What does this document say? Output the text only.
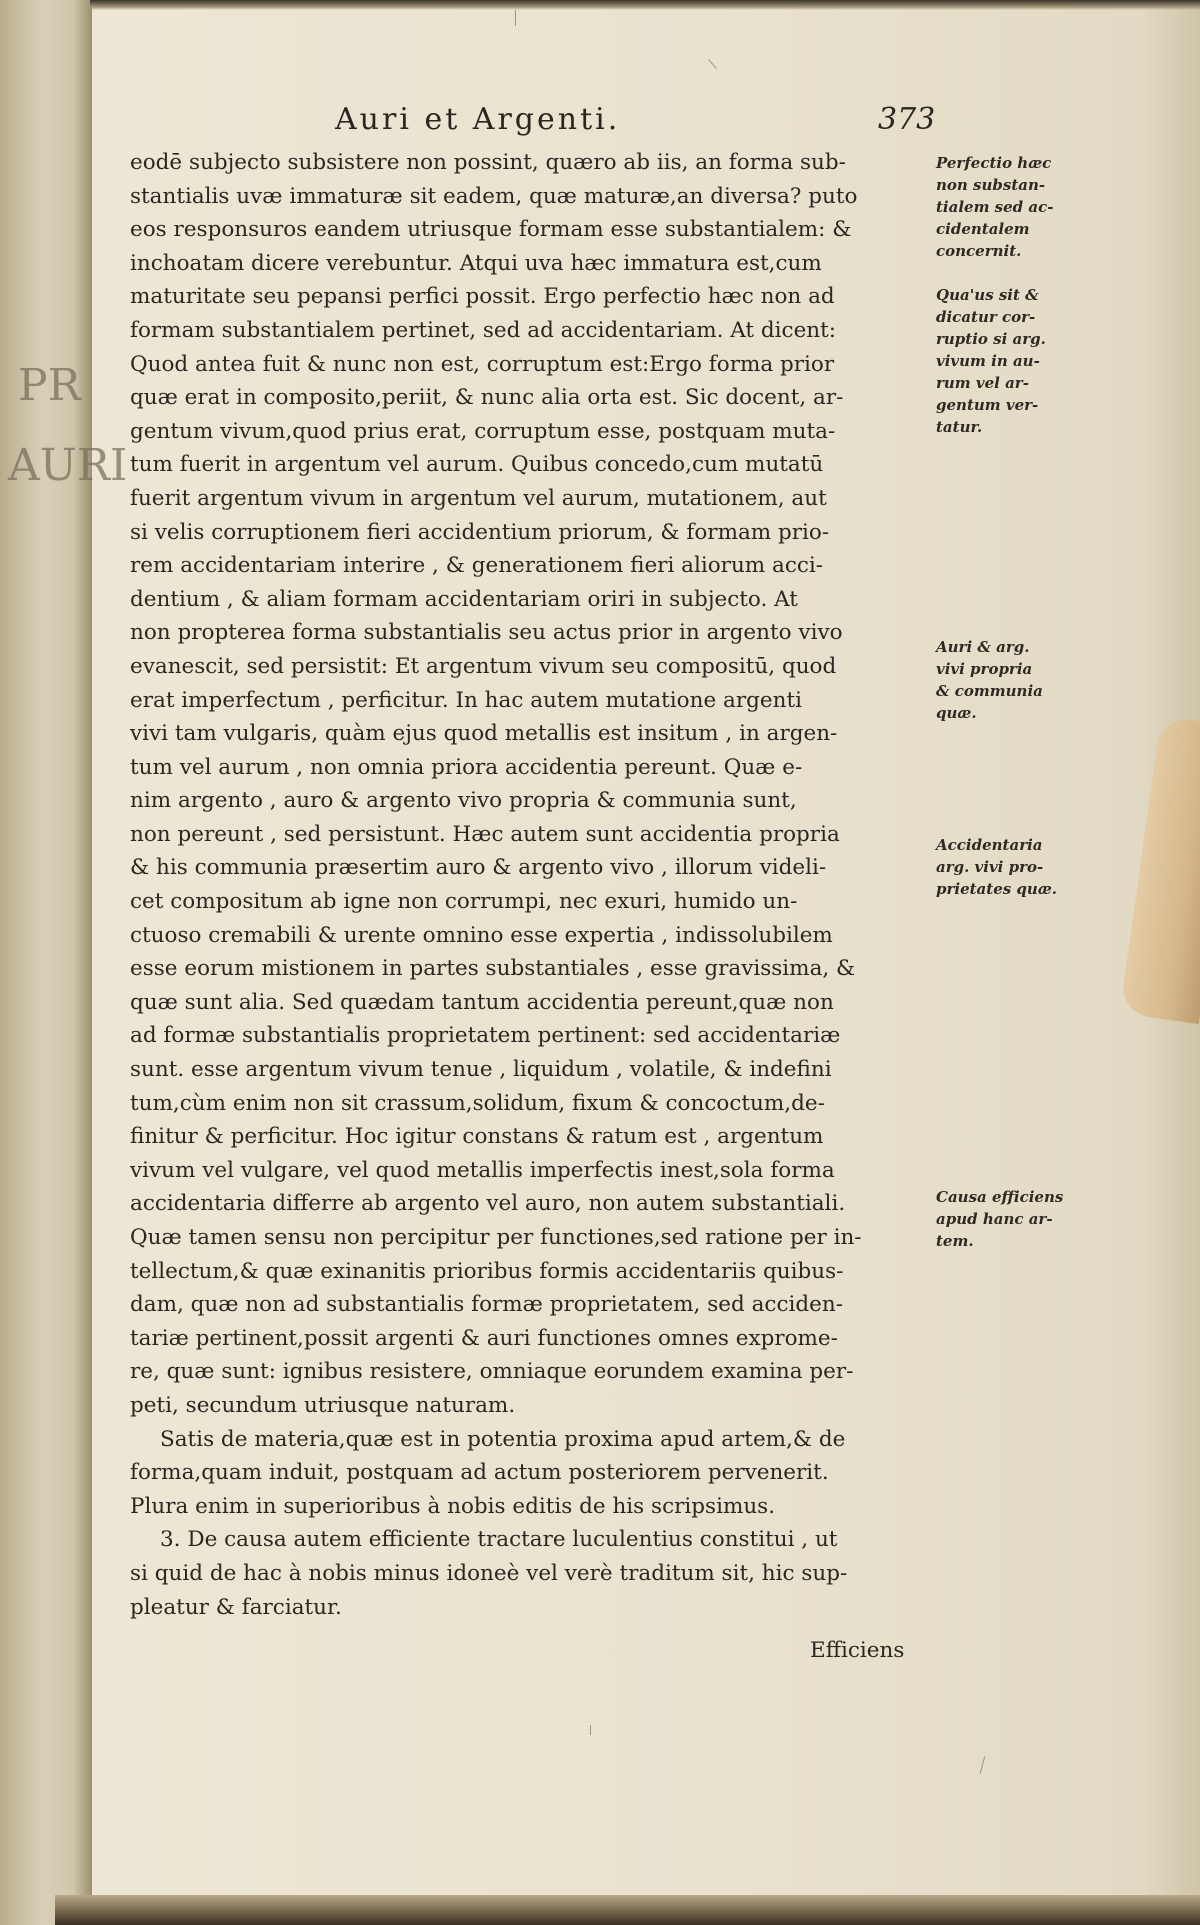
PR
AURI
Auri et Argenti.	373
eodē subjecto subsistere non possint, quæro ab iis, an forma sub-
stantialis uvæ immaturæ sit eadem, quæ maturæ,an diversa? puto
eos responsuros eandem utriusque formam esse substantialem: &
inchoatam dicere verebuntur. Atqui uva hæc immatura est,cum
maturitate seu pepansi perfici possit. Ergo perfectio hæc non ad
formam substantialem pertinet, sed ad accidentariam. At dicent:
Quod antea fuit & nunc non est, corruptum est:Ergo forma prior
quæ erat in composito,periit, & nunc alia orta est. Sic docent, ar-
gentum vivum,quod prius erat, corruptum esse, postquam muta-
tum fuerit in argentum vel aurum. Quibus concedo,cum mutatū
fuerit argentum vivum in argentum vel aurum, mutationem, aut
si velis corruptionem fieri accidentium priorum, & formam prio-
rem accidentariam interire , & generationem fieri aliorum acci-
dentium , & aliam formam accidentariam oriri in subjecto. At
non propterea forma substantialis seu actus prior in argento vivo
evanescit, sed persistit: Et argentum vivum seu compositū, quod
erat imperfectum , perficitur. In hac autem mutatione argenti
vivi tam vulgaris, quàm ejus quod metallis est insitum , in argen-
tum vel aurum , non omnia priora accidentia pereunt. Quæ e-
nim argento , auro & argento vivo propria & communia sunt,
non pereunt , sed persistunt. Hæc autem sunt accidentia propria
& his communia præsertim auro & argento vivo , illorum videli-
cet compositum ab igne non corrumpi, nec exuri, humido un-
ctuoso cremabili & urente omnino esse expertia , indissolubilem
esse eorum mistionem in partes substantiales , esse gravissima, &
quæ sunt alia. Sed quædam tantum accidentia pereunt,quæ non
ad formæ substantialis proprietatem pertinent: sed accidentariæ
sunt. esse argentum vivum tenue , liquidum , volatile, & indefini
tum,cùm enim non sit crassum,solidum, fixum & concoctum,de-
finitur & perficitur. Hoc igitur constans & ratum est , argentum
vivum vel vulgare, vel quod metallis imperfectis inest,sola forma
accidentaria differre ab argento vel auro, non autem substantiali.
Quæ tamen sensu non percipitur per functiones,sed ratione per in-
tellectum,& quæ exinanitis prioribus formis accidentariis quibus-
dam, quæ non ad substantialis formæ proprietatem, sed acciden-
tariæ pertinent,possit argenti & auri functiones omnes exprome-
re, quæ sunt: ignibus resistere, omniaque eorundem examina per-
peti, secundum utriusque naturam.
Satis de materia,quæ est in potentia proxima apud artem,& de
forma,quam induit, postquam ad actum posteriorem pervenerit.
Plura enim in superioribus à nobis editis de his scripsimus.
3. De causa autem efficiente tractare luculentius constitui , ut
si quid de hac à nobis minus idoneè vel verè traditum sit, hic sup-
pleatur & farciatur.
Perfectio hæc
non substan-
tialem sed ac-
cidentalem
concernit.
Qua'us sit &
dicatur cor-
ruptio si arg.
vivum in au-
rum vel ar-
gentum ver-
tatur.
Auri & arg.
vivi propria
& communia
quæ.
Accidentaria
arg. vivi pro-
prietates quæ.
Causa efficiens
apud hanc ar-
tem.
Efficiens
